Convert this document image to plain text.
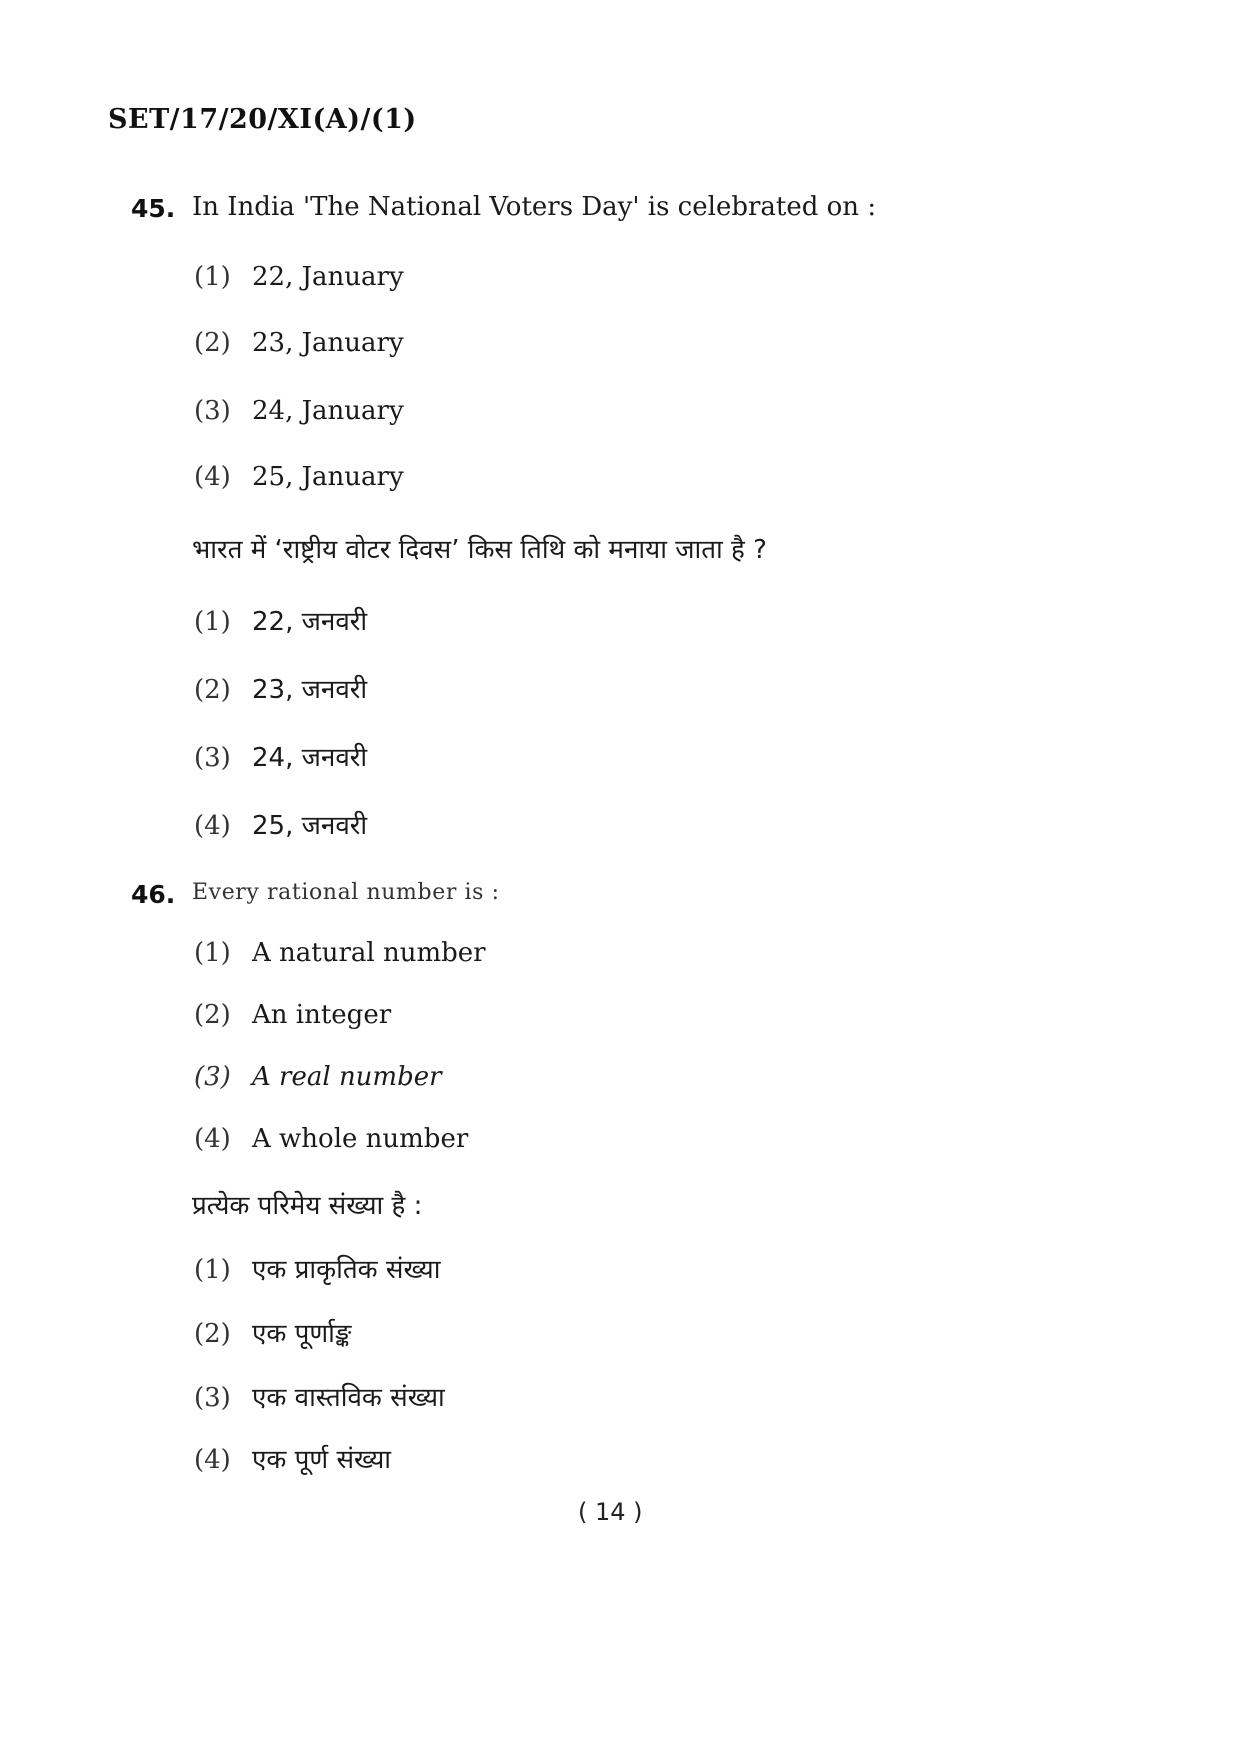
SET/17/20/XI(A)/(1)
45. In India 'The National Voters Day' is celebrated on :
(1) 22, January
(2) 23, January
(3) 24, January
(4) 25, January
भारत में ‘राष्ट्रीय वोटर दिवस’ किस तिथि को मनाया जाता है ?
(1) 22, जनवरी
(2) 23, जनवरी
(3) 24, जनवरी
(4) 25, जनवरी
46. Every rational number is :
(1) A natural number
(2) An integer
(3) A real number
(4) A whole number
प्रत्येक परिमेय संख्या है :
(1) एक प्राकृतिक संख्या
(2) एक पूर्णाङ्क
(3) एक वास्तविक संख्या
(4) एक पूर्ण संख्या
( 14 )
